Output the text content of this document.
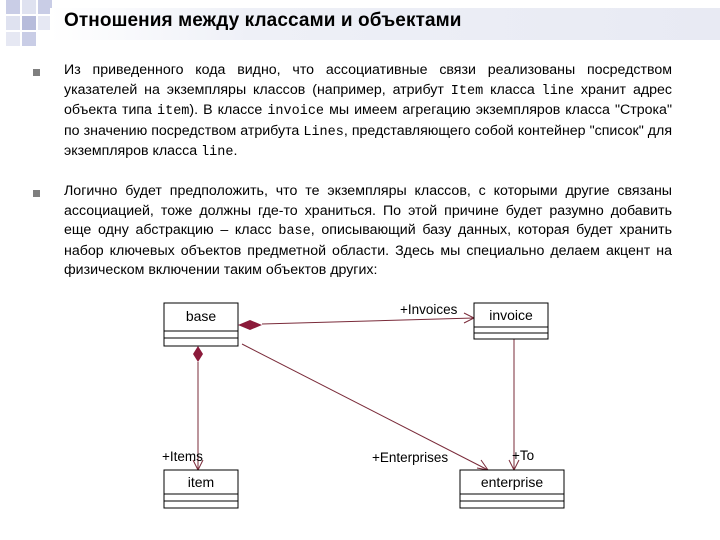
Отношения между классами и объектами
Из приведенного кода видно, что ассоциативные связи реализованы посредством указателей на экземпляры классов (например, атрибут Item класса line хранит адрес объекта типа item). В классе invoice мы имеем агрегацию экземпляров класса "Строка" по значению посредством атрибута Lines, представляющего собой контейнер "список" для экземпляров класса line.
Логично будет предположить, что те экземпляры классов, с которыми другие связаны ассоциацией, тоже должны где-то храниться. По этой причине будет разумно добавить еще одну абстракцию – класс base, описывающий базу данных, которая будет хранить набор ключевых объектов предметной области. Здесь мы специально делаем акцент на физическом включении таким объектов других:
base	invoice
item	enterprise
+Invoices
+Items	+Enterprises	+To
